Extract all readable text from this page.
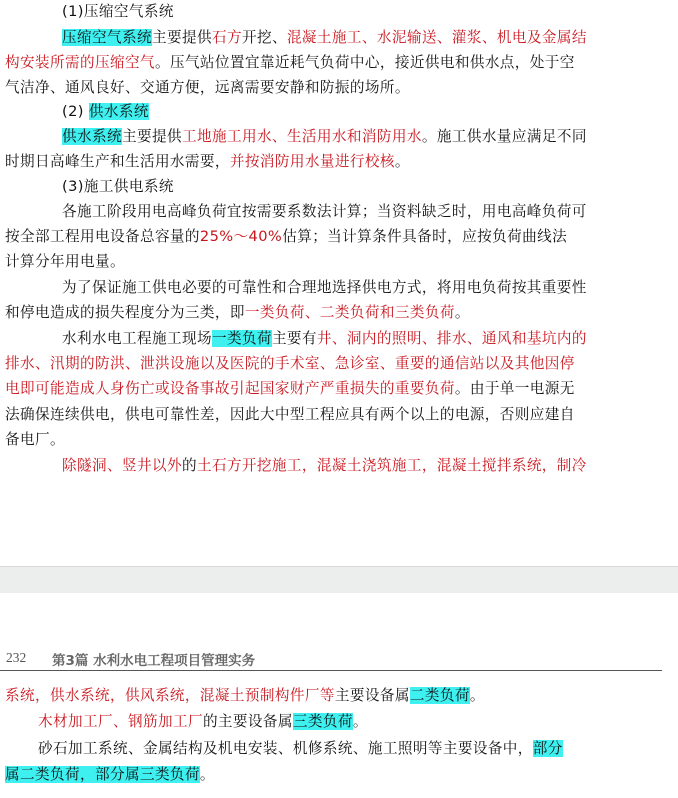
(1)压缩空气系统
压缩空气系统主要提供石方开挖、混凝土施工、水泥输送、灌浆、机电及金属结
构安装所需的压缩空气。压气站位置宜靠近耗气负荷中心，接近供电和供水点，处于空
气洁净、通风良好、交通方便，远离需要安静和防振的场所。
(2) 供水系统
供水系统主要提供工地施工用水、生活用水和消防用水。施工供水量应满足不同
时期日高峰生产和生活用水需要，并按消防用水量进行校核。
(3)施工供电系统
各施工阶段用电高峰负荷宜按需要系数法计算；当资料缺乏时，用电高峰负荷可
按全部工程用电设备总容量的25%～40%估算；当计算条件具备时，应按负荷曲线法
计算分年用电量。
为了保证施工供电必要的可靠性和合理地选择供电方式，将用电负荷按其重要性
和停电造成的损失程度分为三类，即一类负荷、二类负荷和三类负荷。
水利水电工程施工现场一类负荷主要有井、洞内的照明、排水、通风和基坑内的
排水、汛期的防洪、泄洪设施以及医院的手术室、急诊室、重要的通信站以及其他因停
电即可能造成人身伤亡或设备事故引起国家财产严重损失的重要负荷。由于单一电源无
法确保连续供电，供电可靠性差，因此大中型工程应具有两个以上的电源，否则应建自
备电厂。
除隧洞、竖井以外的土石方开挖施工，混凝土浇筑施工，混凝土搅拌系统，制冷
232 第3篇 水利水电工程项目管理实务
系统，供水系统，供风系统，混凝土预制构件厂等主要设备属二类负荷。
木材加工厂、钢筋加工厂的主要设备属三类负荷。
砂石加工系统、金属结构及机电安装、机修系统、施工照明等主要设备中，部分
属二类负荷，部分属三类负荷。
